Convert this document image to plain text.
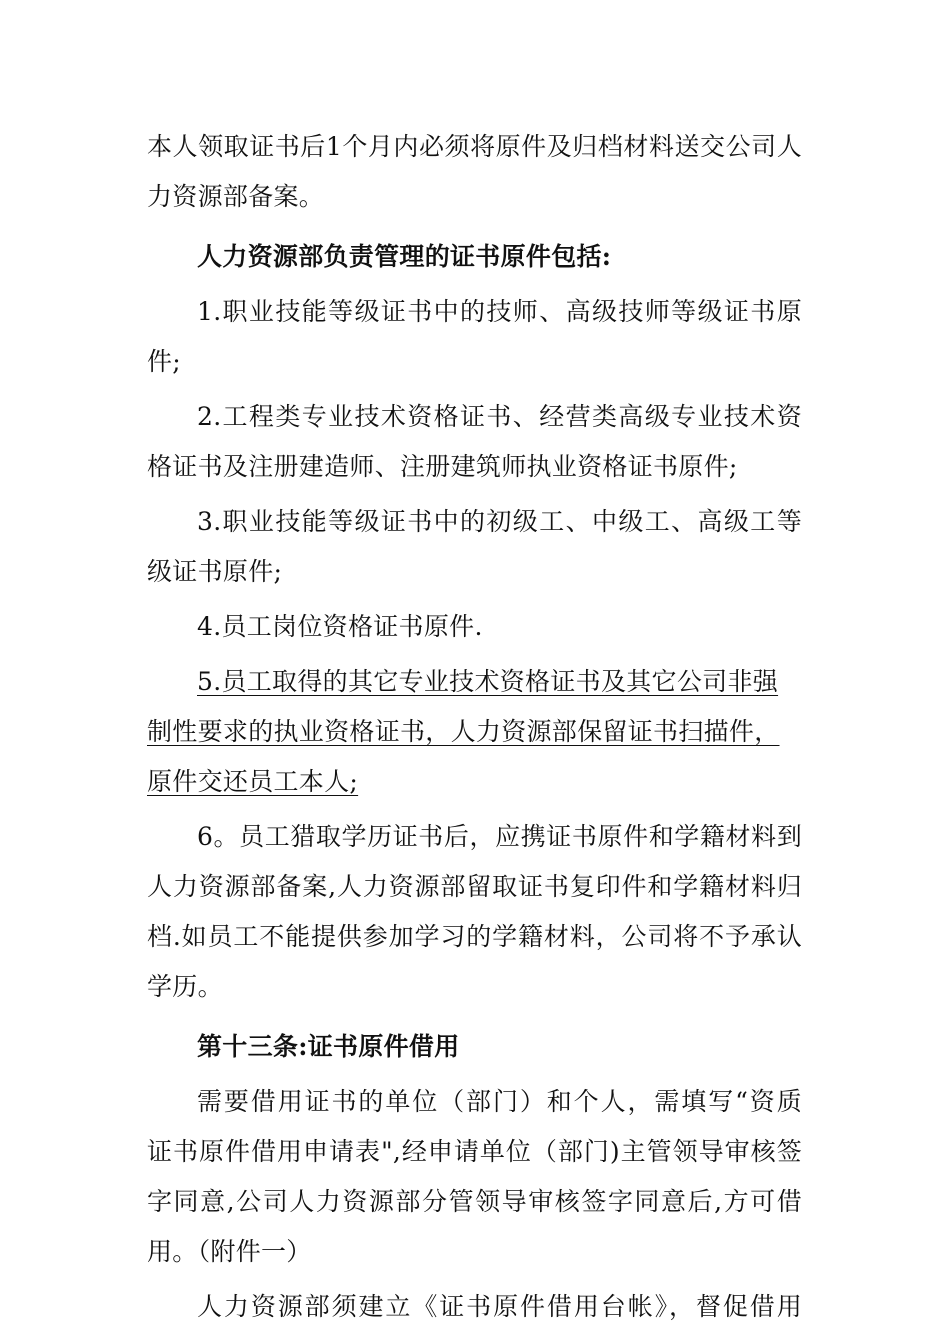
本人领取证书后1个月内必须将原件及归档材料送交公司人
力资源部备案。
人力资源部负责管理的证书原件包括:
1.职业技能等级证书中的技师、高级技师等级证书原
件;
2.工程类专业技术资格证书、经营类高级专业技术资
格证书及注册建造师、注册建筑师执业资格证书原件;
3.职业技能等级证书中的初级工、中级工、高级工等
级证书原件;
4.员工岗位资格证书原件.
5.员工取得的其它专业技术资格证书及其它公司非强
制性要求的执业资格证书，人力资源部保留证书扫描件，
原件交还员工本人;
6。员工猎取学历证书后，应携证书原件和学籍材料到
人力资源部备案,人力资源部留取证书复印件和学籍材料归
档.如员工不能提供参加学习的学籍材料，公司将不予承认
学历。
第十三条:证书原件借用
需要借用证书的单位（部门）和个人，需填写“资质
证书原件借用申请表",经申请单位（部门)主管领导审核签
字同意,公司人力资源部分管领导审核签字同意后,方可借
用。（附件一）
人力资源部须建立《证书原件借用台帐》，督促借用
